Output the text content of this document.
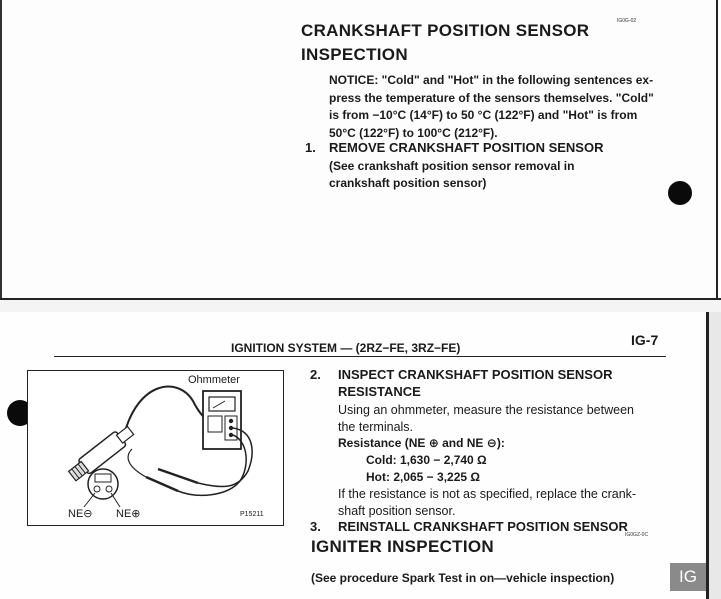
IG0G-02
CRANKSHAFT POSITION SENSOR
INSPECTION
NOTICE: "Cold" and "Hot" in the following sentences ex-
press the temperature of the sensors themselves. "Cold"
is from −10°C (14°F) to 50 °C (122°F) and "Hot" is from
50°C (122°F) to 100°C (212°F).
1. REMOVE CRANKSHAFT POSITION SENSOR
(See crankshaft position sensor removal in
crankshaft position sensor)
IGNITION SYSTEM — (2RZ−FE, 3RZ−FE)	IG-7
Ohmmeter
NE⊖ NE⊕	P15211
2. INSPECT CRANKSHAFT POSITION SENSOR
RESISTANCE
Using an ohmmeter, measure the resistance between
the terminals.
Resistance (NE ⊕ and NE ⊖):
Cold: 1,630 − 2,740 Ω
Hot: 2,065 − 3,225 Ω
If the resistance is not as specified, replace the crank-
shaft position sensor.
3. REINSTALL CRANKSHAFT POSITION SENSOR
IG0GZ-0C
IGNITER INSPECTION
(See procedure Spark Test in on—vehicle inspection)	IG
